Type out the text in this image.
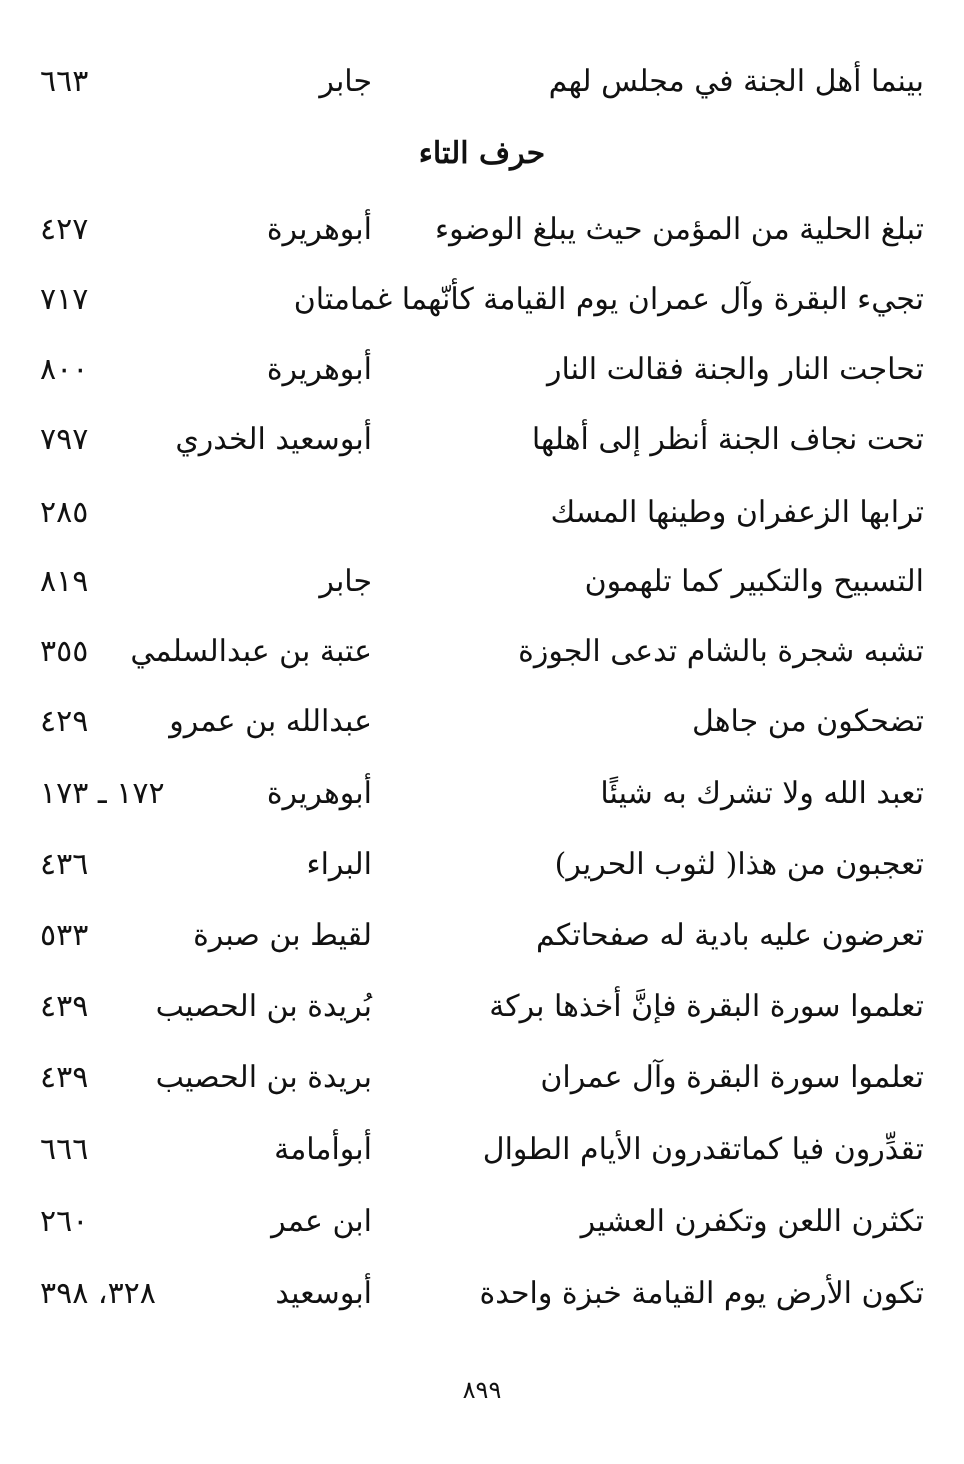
بينما أهل الجنة في مجلس لهم
جابر
٦٦٣
حرف التاء
تبلغ الحلية من المؤمن حيث يبلغ الوضوء
أبوهريرة
٤٢٧
تجيء البقرة وآل عمران يوم القيامة كأنّهما غمامتان
٧١٧
تحاجت النار والجنة فقالت النار
أبوهريرة
٨٠٠
تحت نجاف الجنة أنظر إلى أهلها
أبوسعيد الخدري
٧٩٧
ترابها الزعفران وطينها المسك
٢٨٥
التسبيح والتكبير كما تلهمون
جابر
٨١٩
تشبه شجرة بالشام تدعى الجوزة
عتبة بن عبدالسلمي
٣٥٥
تضحكون من جاهل
عبدالله بن عمرو
٤٢٩
تعبد الله ولا تشرك به شيئًا
أبوهريرة
١٧٢ ـ ١٧٣
تعجبون من هذا( لثوب الحرير)
البراء
٤٣٦
تعرضون عليه بادية له صفحاتكم
لقيط بن صبرة
٥٣٣
تعلموا سورة البقرة فإنَّ أخذها بركة
بُريدة بن الحصيب
٤٣٩
تعلموا سورة البقرة وآل عمران
بريدة بن الحصيب
٤٣٩
تقدِّرون فيا كماتقدرون الأيام الطوال
أبوأمامة
٦٦٦
تكثرن اللعن وتكفرن العشير
ابن عمر
٢٦٠
تكون الأرض يوم القيامة خبزة واحدة
أبوسعيد
٣٢٨، ٣٩٨
٨٩٩
